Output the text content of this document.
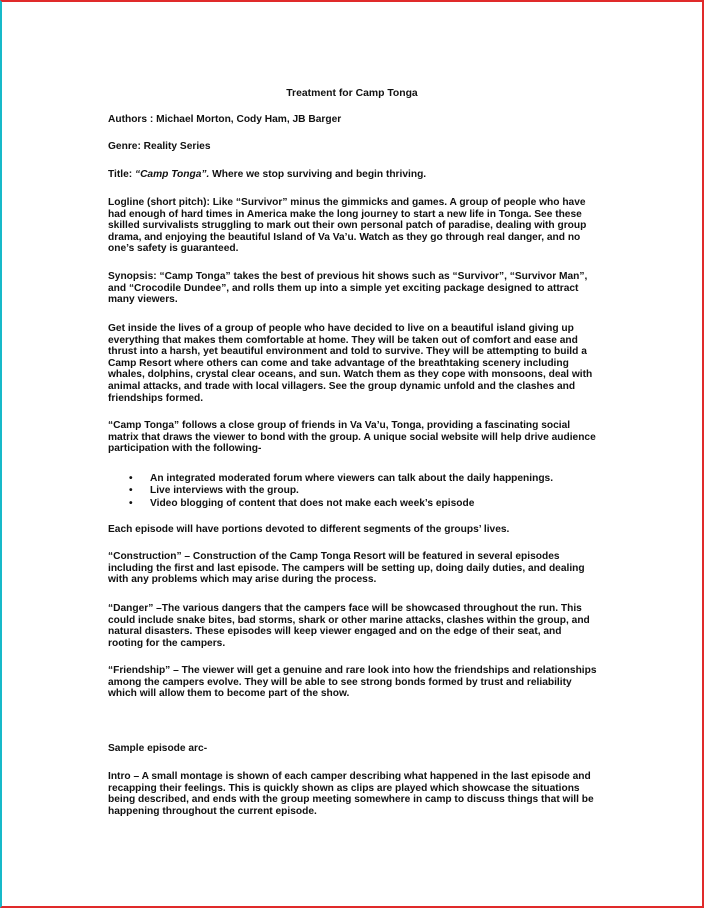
Treatment for Camp Tonga

Authors : Michael Morton, Cody Ham, JB Barger

Genre: Reality Series

Title: “Camp Tonga”. Where we stop surviving and begin thriving.

Logline (short pitch): Like “Survivor” minus the gimmicks and games. A group of people who have had enough of hard times in America make the long journey to start a new life in Tonga. See these skilled survivalists struggling to mark out their own personal patch of paradise, dealing with group drama, and enjoying the beautiful Island of Va Va’u. Watch as they go through real danger, and no one’s safety is guaranteed.

Synopsis: “Camp Tonga” takes the best of previous hit shows such as “Survivor”, “Survivor Man”, and “Crocodile Dundee”, and rolls them up into a simple yet exciting package designed to attract many viewers.

Get inside the lives of a group of people who have decided to live on a beautiful island giving up everything that makes them comfortable at home. They will be taken out of comfort and ease and thrust into a harsh, yet beautiful environment and told to survive. They will be attempting to build a Camp Resort where others can come and take advantage of the breathtaking scenery including whales, dolphins, crystal clear oceans, and sun. Watch them as they cope with monsoons, deal with animal attacks, and trade with local villagers. See the group dynamic unfold and the clashes and friendships formed.

“Camp Tonga” follows a close group of friends in Va Va’u, Tonga, providing a fascinating social matrix that draws the viewer to bond with the group. A unique social website will help drive audience participation with the following-

• An integrated moderated forum where viewers can talk about the daily happenings.
• Live interviews with the group.
• Video blogging of content that does not make each week’s episode

Each episode will have portions devoted to different segments of the groups’ lives.

“Construction” – Construction of the Camp Tonga Resort will be featured in several episodes including the first and last episode. The campers will be setting up, doing daily duties, and dealing with any problems which may arise during the process.

“Danger” –The various dangers that the campers face will be showcased throughout the run. This could include snake bites, bad storms, shark or other marine attacks, clashes within the group, and natural disasters. These episodes will keep viewer engaged and on the edge of their seat, and rooting for the campers.

“Friendship” – The viewer will get a genuine and rare look into how the friendships and relationships among the campers evolve. They will be able to see strong bonds formed by trust and reliability which will allow them to become part of the show.

Sample episode arc-

Intro – A small montage is shown of each camper describing what happened in the last episode and recapping their feelings. This is quickly shown as clips are played which showcase the situations being described, and ends with the group meeting somewhere in camp to discuss things that will be happening throughout the current episode.
